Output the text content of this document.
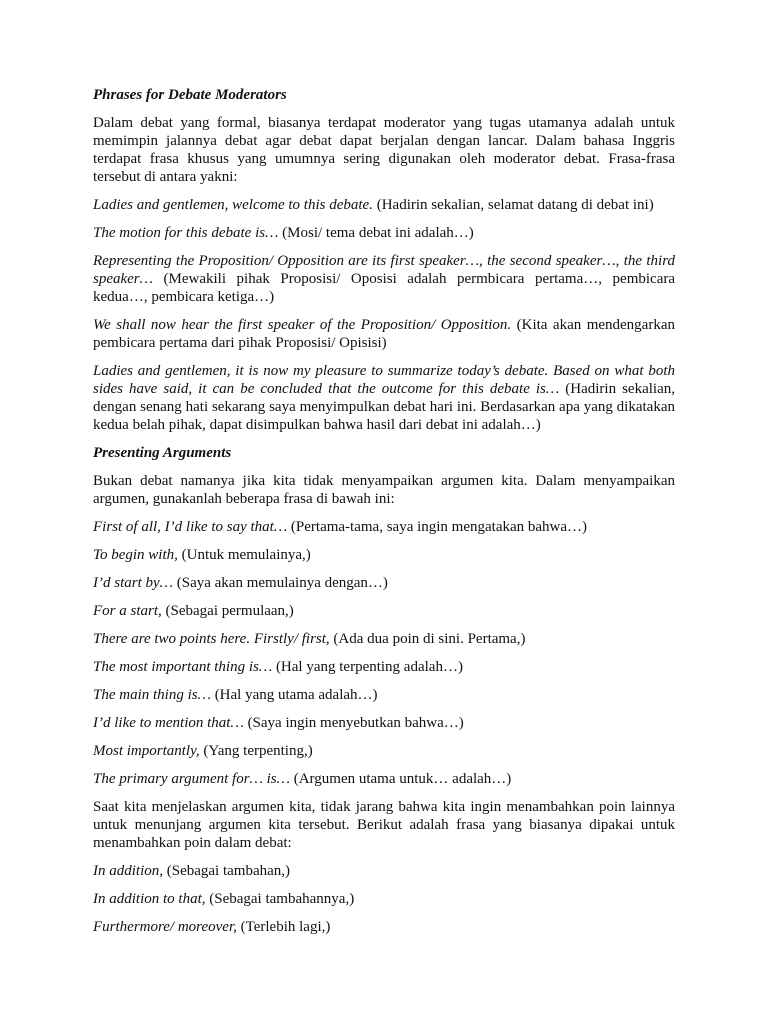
Phrases for Debate Moderators

Dalam debat yang formal, biasanya terdapat moderator yang tugas utamanya adalah untuk memimpin jalannya debat agar debat dapat berjalan dengan lancar. Dalam bahasa Inggris terdapat frasa khusus yang umumnya sering digunakan oleh moderator debat. Frasa-frasa tersebut di antara yakni:

Ladies and gentlemen, welcome to this debate. (Hadirin sekalian, selamat datang di debat ini)

The motion for this debate is… (Mosi/ tema debat ini adalah…)

Representing the Proposition/ Opposition are its first speaker…, the second speaker…, the third speaker… (Mewakili pihak Proposisi/ Oposisi adalah permbicara pertama…, pembicara kedua…, pembicara ketiga…)

We shall now hear the first speaker of the Proposition/ Opposition. (Kita akan mendengarkan pembicara pertama dari pihak Proposisi/ Opisisi)

Ladies and gentlemen, it is now my pleasure to summarize today’s debate. Based on what both sides have said, it can be concluded that the outcome for this debate is… (Hadirin sekalian, dengan senang hati sekarang saya menyimpulkan debat hari ini. Berdasarkan apa yang dikatakan kedua belah pihak, dapat disimpulkan bahwa hasil dari debat ini adalah…)

Presenting Arguments

Bukan debat namanya jika kita tidak menyampaikan argumen kita. Dalam menyampaikan argumen, gunakanlah beberapa frasa di bawah ini:

First of all, I’d like to say that… (Pertama-tama, saya ingin mengatakan bahwa…)

To begin with, (Untuk memulainya,)

I’d start by… (Saya akan memulainya dengan…)

For a start, (Sebagai permulaan,)

There are two points here. Firstly/ first, (Ada dua poin di sini. Pertama,)

The most important thing is… (Hal yang terpenting adalah…)

The main thing is… (Hal yang utama adalah…)

I’d like to mention that… (Saya ingin menyebutkan bahwa…)

Most importantly, (Yang terpenting,)

The primary argument for… is… (Argumen utama untuk… adalah…)

Saat kita menjelaskan argumen kita, tidak jarang bahwa kita ingin menambahkan poin lainnya untuk menunjang argumen kita tersebut. Berikut adalah frasa yang biasanya dipakai untuk menambahkan poin dalam debat:

In addition, (Sebagai tambahan,)

In addition to that, (Sebagai tambahannya,)

Furthermore/ moreover, (Terlebih lagi,)
